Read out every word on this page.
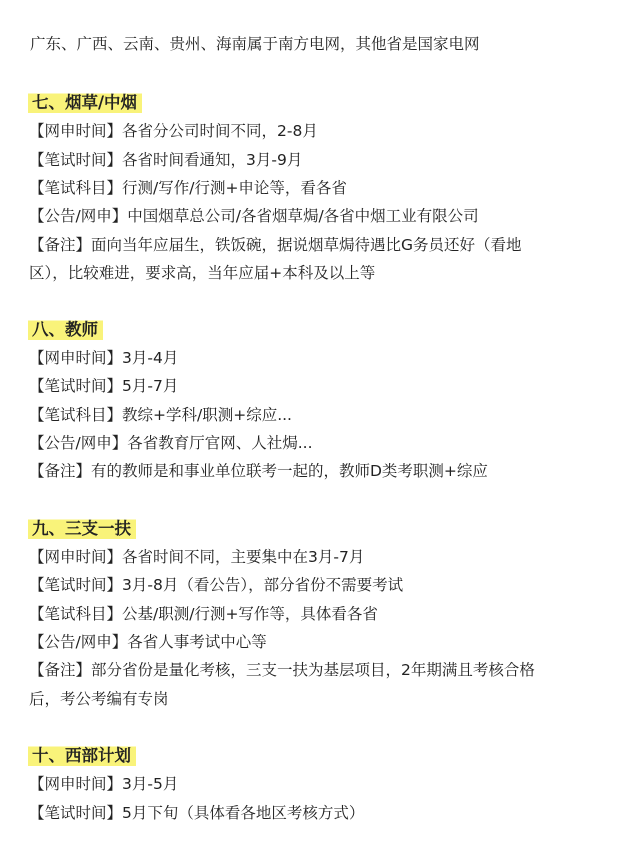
广东、广西、云南、贵州、海南属于南方电网，其他省是国家电网
七、烟草/中烟
【网申时间】各省分公司时间不同，2-8月
【笔试时间】各省时间看通知，3月-9月
【笔试科目】行测/写作/行测+申论等，看各省
【公告/网申】中国烟草总公司/各省烟草焗/各省中烟工业有限公司
【备注】面向当年应届生，铁饭碗，据说烟草焗待遇比G务员还好（看地
区），比较难进，要求高，当年应届+本科及以上等
八、教师
【网申时间】3月-4月
【笔试时间】5月-7月
【笔试科目】教综+学科/职测+综应...
【公告/网申】各省教育厅官网、人社焗...
【备注】有的教师是和事业单位联考一起的，教师D类考职测+综应
九、三支一扶
【网申时间】各省时间不同，主要集中在3月-7月
【笔试时间】3月-8月（看公告），部分省份不需要考试
【笔试科目】公基/职测/行测+写作等，具体看各省
【公告/网申】各省人事考试中心等
【备注】部分省份是量化考核，三支一扶为基层项目，2年期满且考核合格
后，考公考编有专岗
十、西部计划
【网申时间】3月-5月
【笔试时间】5月下旬（具体看各地区考核方式）
